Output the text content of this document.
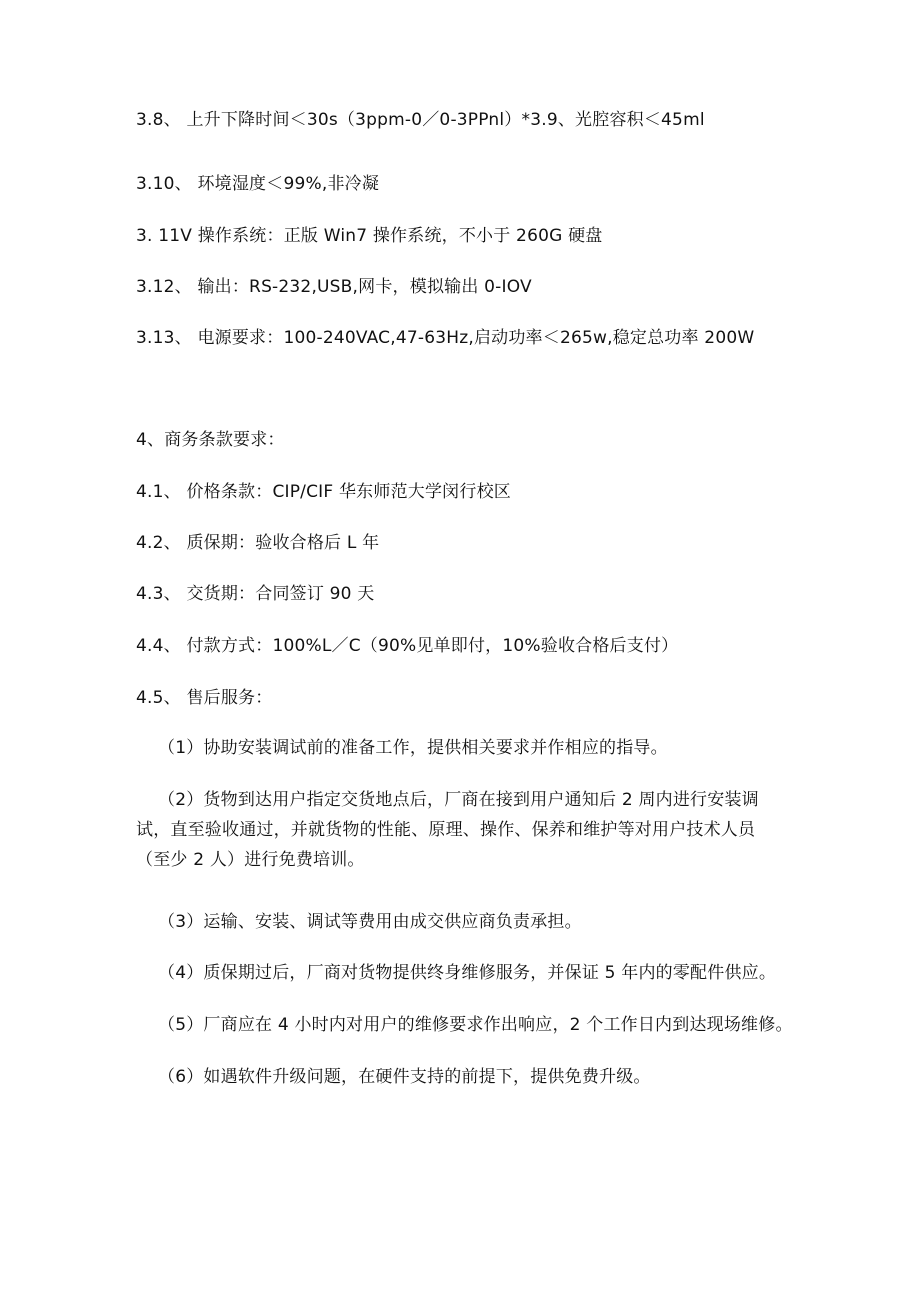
3.8、 上升下降时间＜30s（3ppm-0／0-3PPnl）*3.9、光腔容积＜45ml
3.10、 环境湿度＜99%,非冷凝
3. 11V 操作系统：正版 Win7 操作系统，不小于 260G 硬盘
3.12、 输出：RS-232,USB,网卡，模拟输出 0-IOV
3.13、 电源要求：100-240VAC,47-63Hz,启动功率＜265w,稳定总功率 200W
4、商务条款要求：
4.1、 价格条款：CIP/CIF 华东师范大学闵行校区
4.2、 质保期：验收合格后 L 年
4.3、 交货期：合同签订 90 天
4.4、 付款方式：100%L／C（90%见单即付，10%验收合格后支付）
4.5、 售后服务：
（1）协助安装调试前的准备工作，提供相关要求并作相应的指导。
（2）货物到达用户指定交货地点后，厂商在接到用户通知后 2 周内进行安装调试，直至验收通过，并就货物的性能、原理、操作、保养和维护等对用户技术人员（至少 2 人）进行免费培训。
（3）运输、安装、调试等费用由成交供应商负责承担。
（4）质保期过后，厂商对货物提供终身维修服务，并保证 5 年内的零配件供应。
（5）厂商应在 4 小时内对用户的维修要求作出响应，2 个工作日内到达现场维修。
（6）如遇软件升级问题，在硬件支持的前提下，提供免费升级。
